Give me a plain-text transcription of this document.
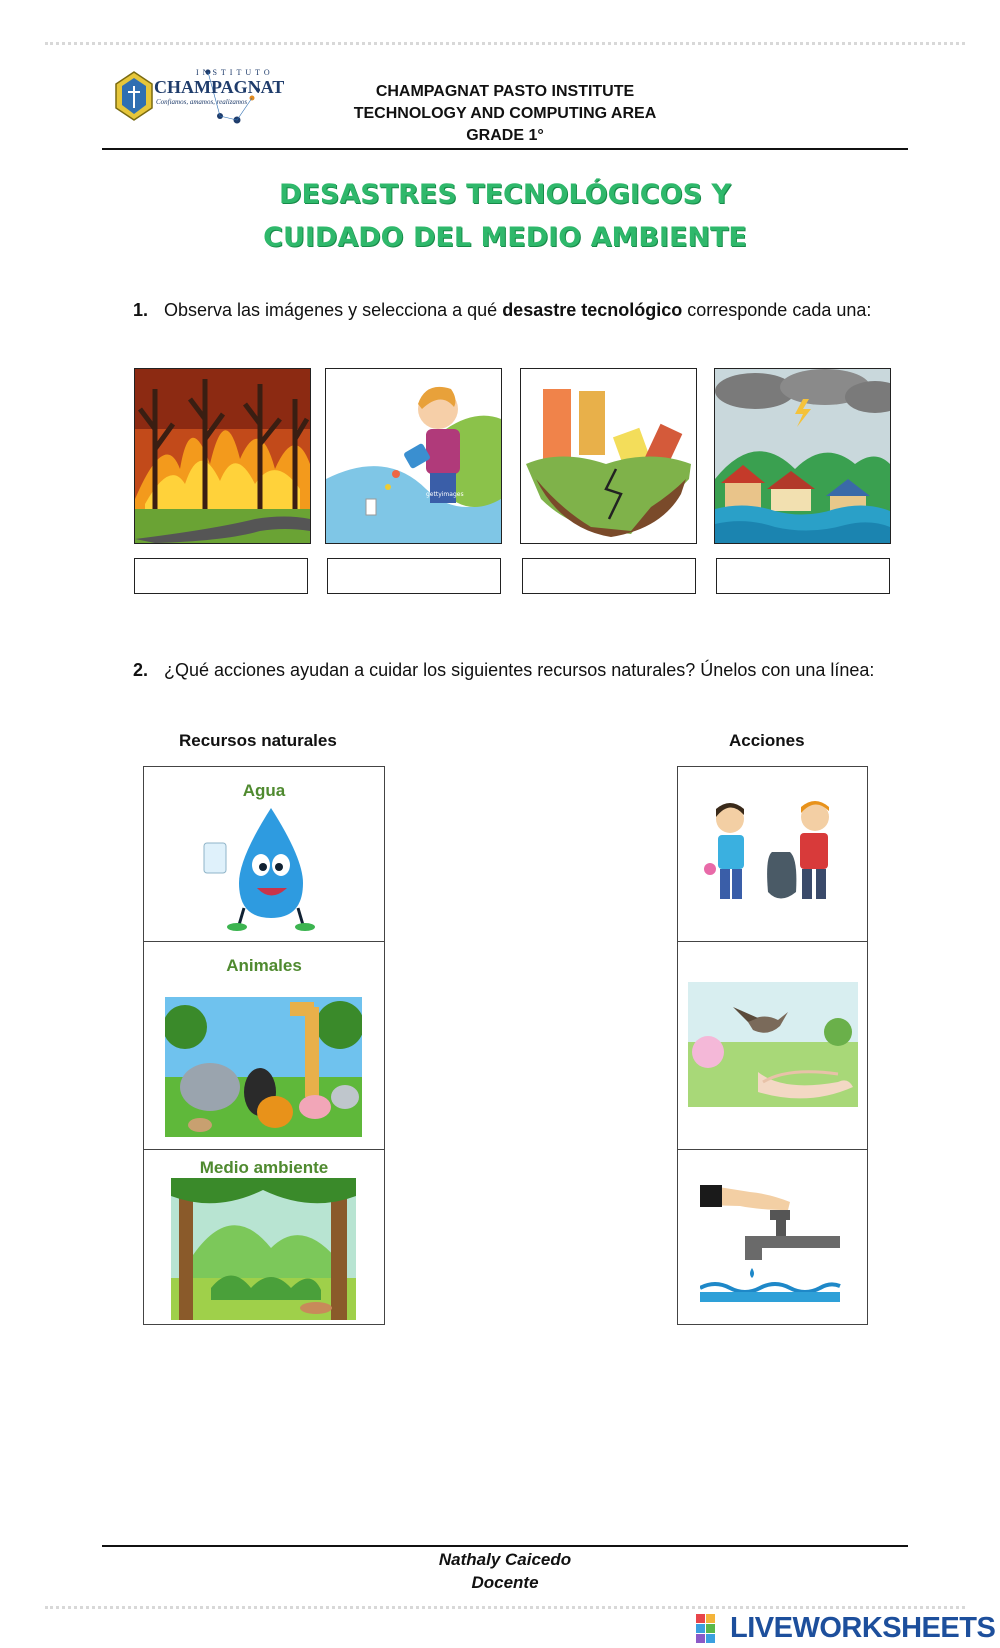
INSTITUTO
CHAMPAGNAT
Confiamos, amamos, realizamos
CHAMPAGNAT PASTO INSTITUTE
TECHNOLOGY AND COMPUTING AREA
GRADE 1°
DESASTRES TECNOLÓGICOS Y
CUIDADO DEL MEDIO AMBIENTE
1. Observa las imágenes y selecciona a qué desastre tecnológico corresponde cada una:
gettyimages
2. ¿Qué acciones ayudan a cuidar los siguientes recursos naturales? Únelos con una línea:
Recursos naturales	Acciones
Agua
Animales
Medio ambiente
Nathaly Caicedo
Docente
LIVEWORKSHEETS
